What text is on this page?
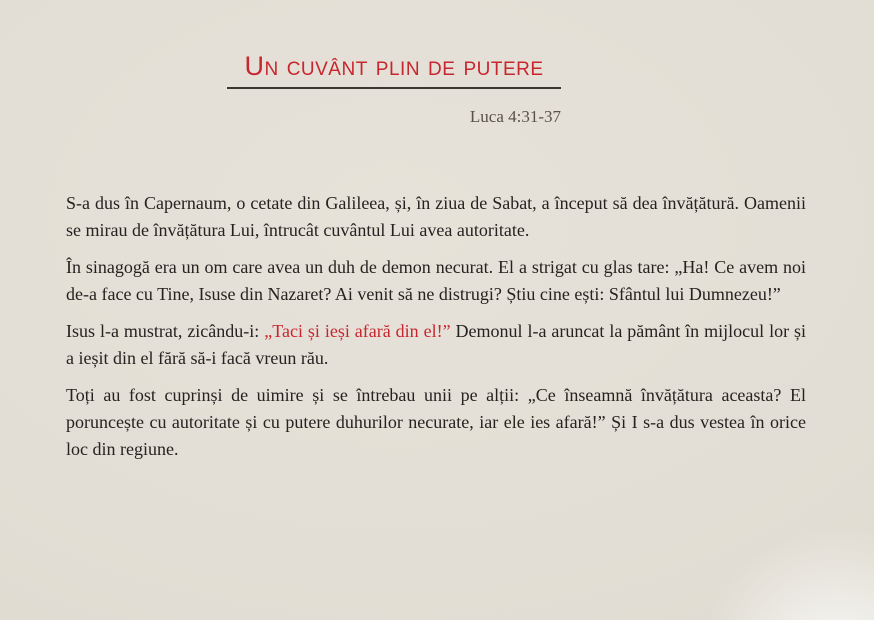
Un cuvânt plin de putere
Luca 4:31-37

S-a dus în Capernaum, o cetate din Galileea, și, în ziua de Sabat, a început să dea învățătură. Oamenii se mirau de învățătura Lui, întrucât cuvântul Lui avea autoritate.

În sinagogă era un om care avea un duh de demon necurat. El a strigat cu glas tare: „Ha! Ce avem noi de-a face cu Tine, Isuse din Nazaret? Ai venit să ne distrugi? Știu cine ești: Sfântul lui Dumnezeu!”

Isus l-a mustrat, zicându-i: „Taci și ieși afară din el!” Demonul l-a aruncat la pământ în mijlocul lor și a ieșit din el fără să-i facă vreun rău.

Toți au fost cuprinși de uimire și se întrebau unii pe alții: „Ce înseamnă învățătura aceasta? El poruncește cu autoritate și cu putere duhurilor necurate, iar ele ies afară!” Și I s-a dus vestea în orice loc din regiune.
